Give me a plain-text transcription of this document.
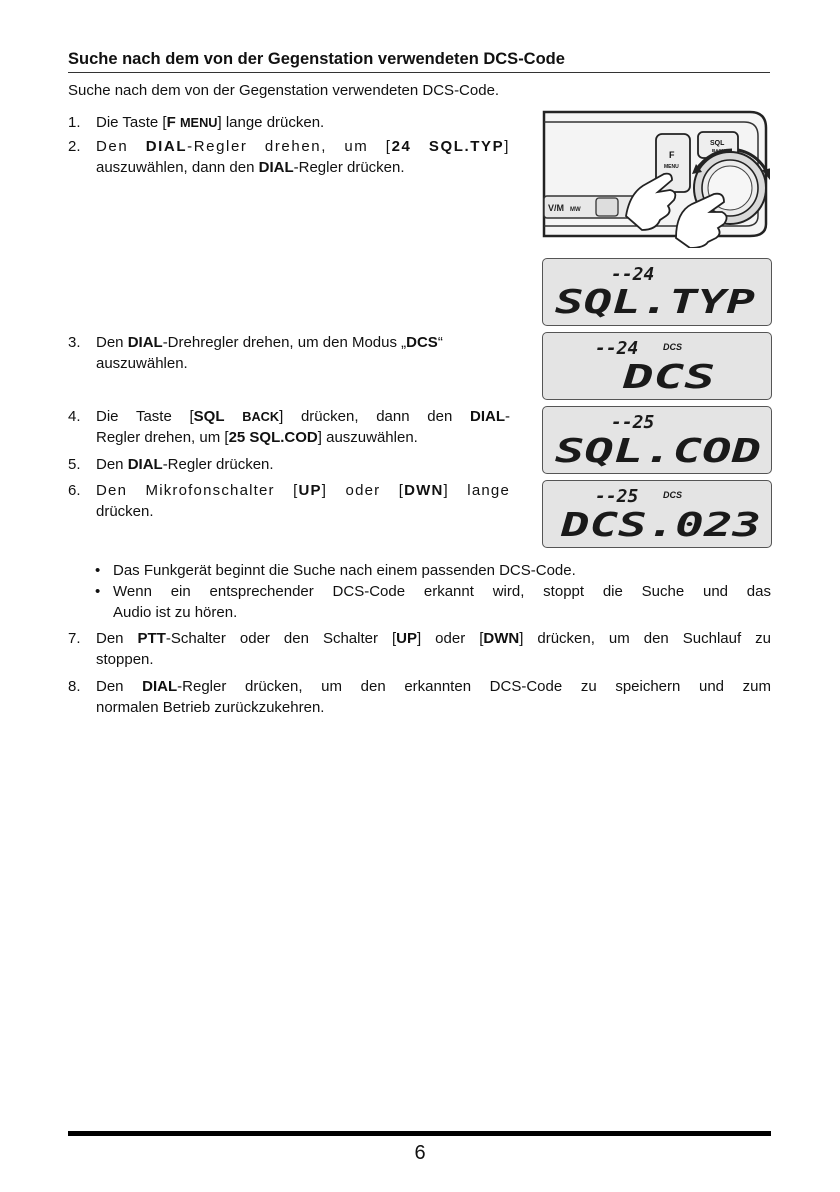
Suche nach dem von der Gegenstation verwendeten DCS-Code
Suche nach dem von der Gegenstation verwendeten DCS-Code.
1.	Die Taste [F MENU] lange drücken.
2.	Den DIAL-Regler drehen, um [24 SQL.TYP]
auszuwählen, dann den DIAL-Regler drücken.
3.	Den DIAL-Drehregler drehen, um den Modus „DCS“
auszuwählen.
4.	Die Taste [SQL BACK] drücken, dann den DIAL-
Regler drehen, um [25 SQL.COD] auszuwählen.
5.	Den DIAL-Regler drücken.
6.	Den Mikrofonschalter [UP] oder [DWN] lange
drücken.
• Das Funkgerät beginnt die Suche nach einem passenden DCS-Code.
• Wenn ein entsprechender DCS-Code erkannt wird, stoppt die Suche und das
Audio ist zu hören.
7.	Den PTT-Schalter oder den Schalter [UP] oder [DWN] drücken, um den Suchlauf zu
stoppen.
8.	Den DIAL-Regler drücken, um den erkannten DCS-Code zu speichern und zum
normalen Betrieb zurückzukehren.
V/M MW
F
MENU
SQL
BACK
--24
SQL.TYP
--24	DCS
DCS
--25
SQL.COD
--25	DCS
DCS.023
6
